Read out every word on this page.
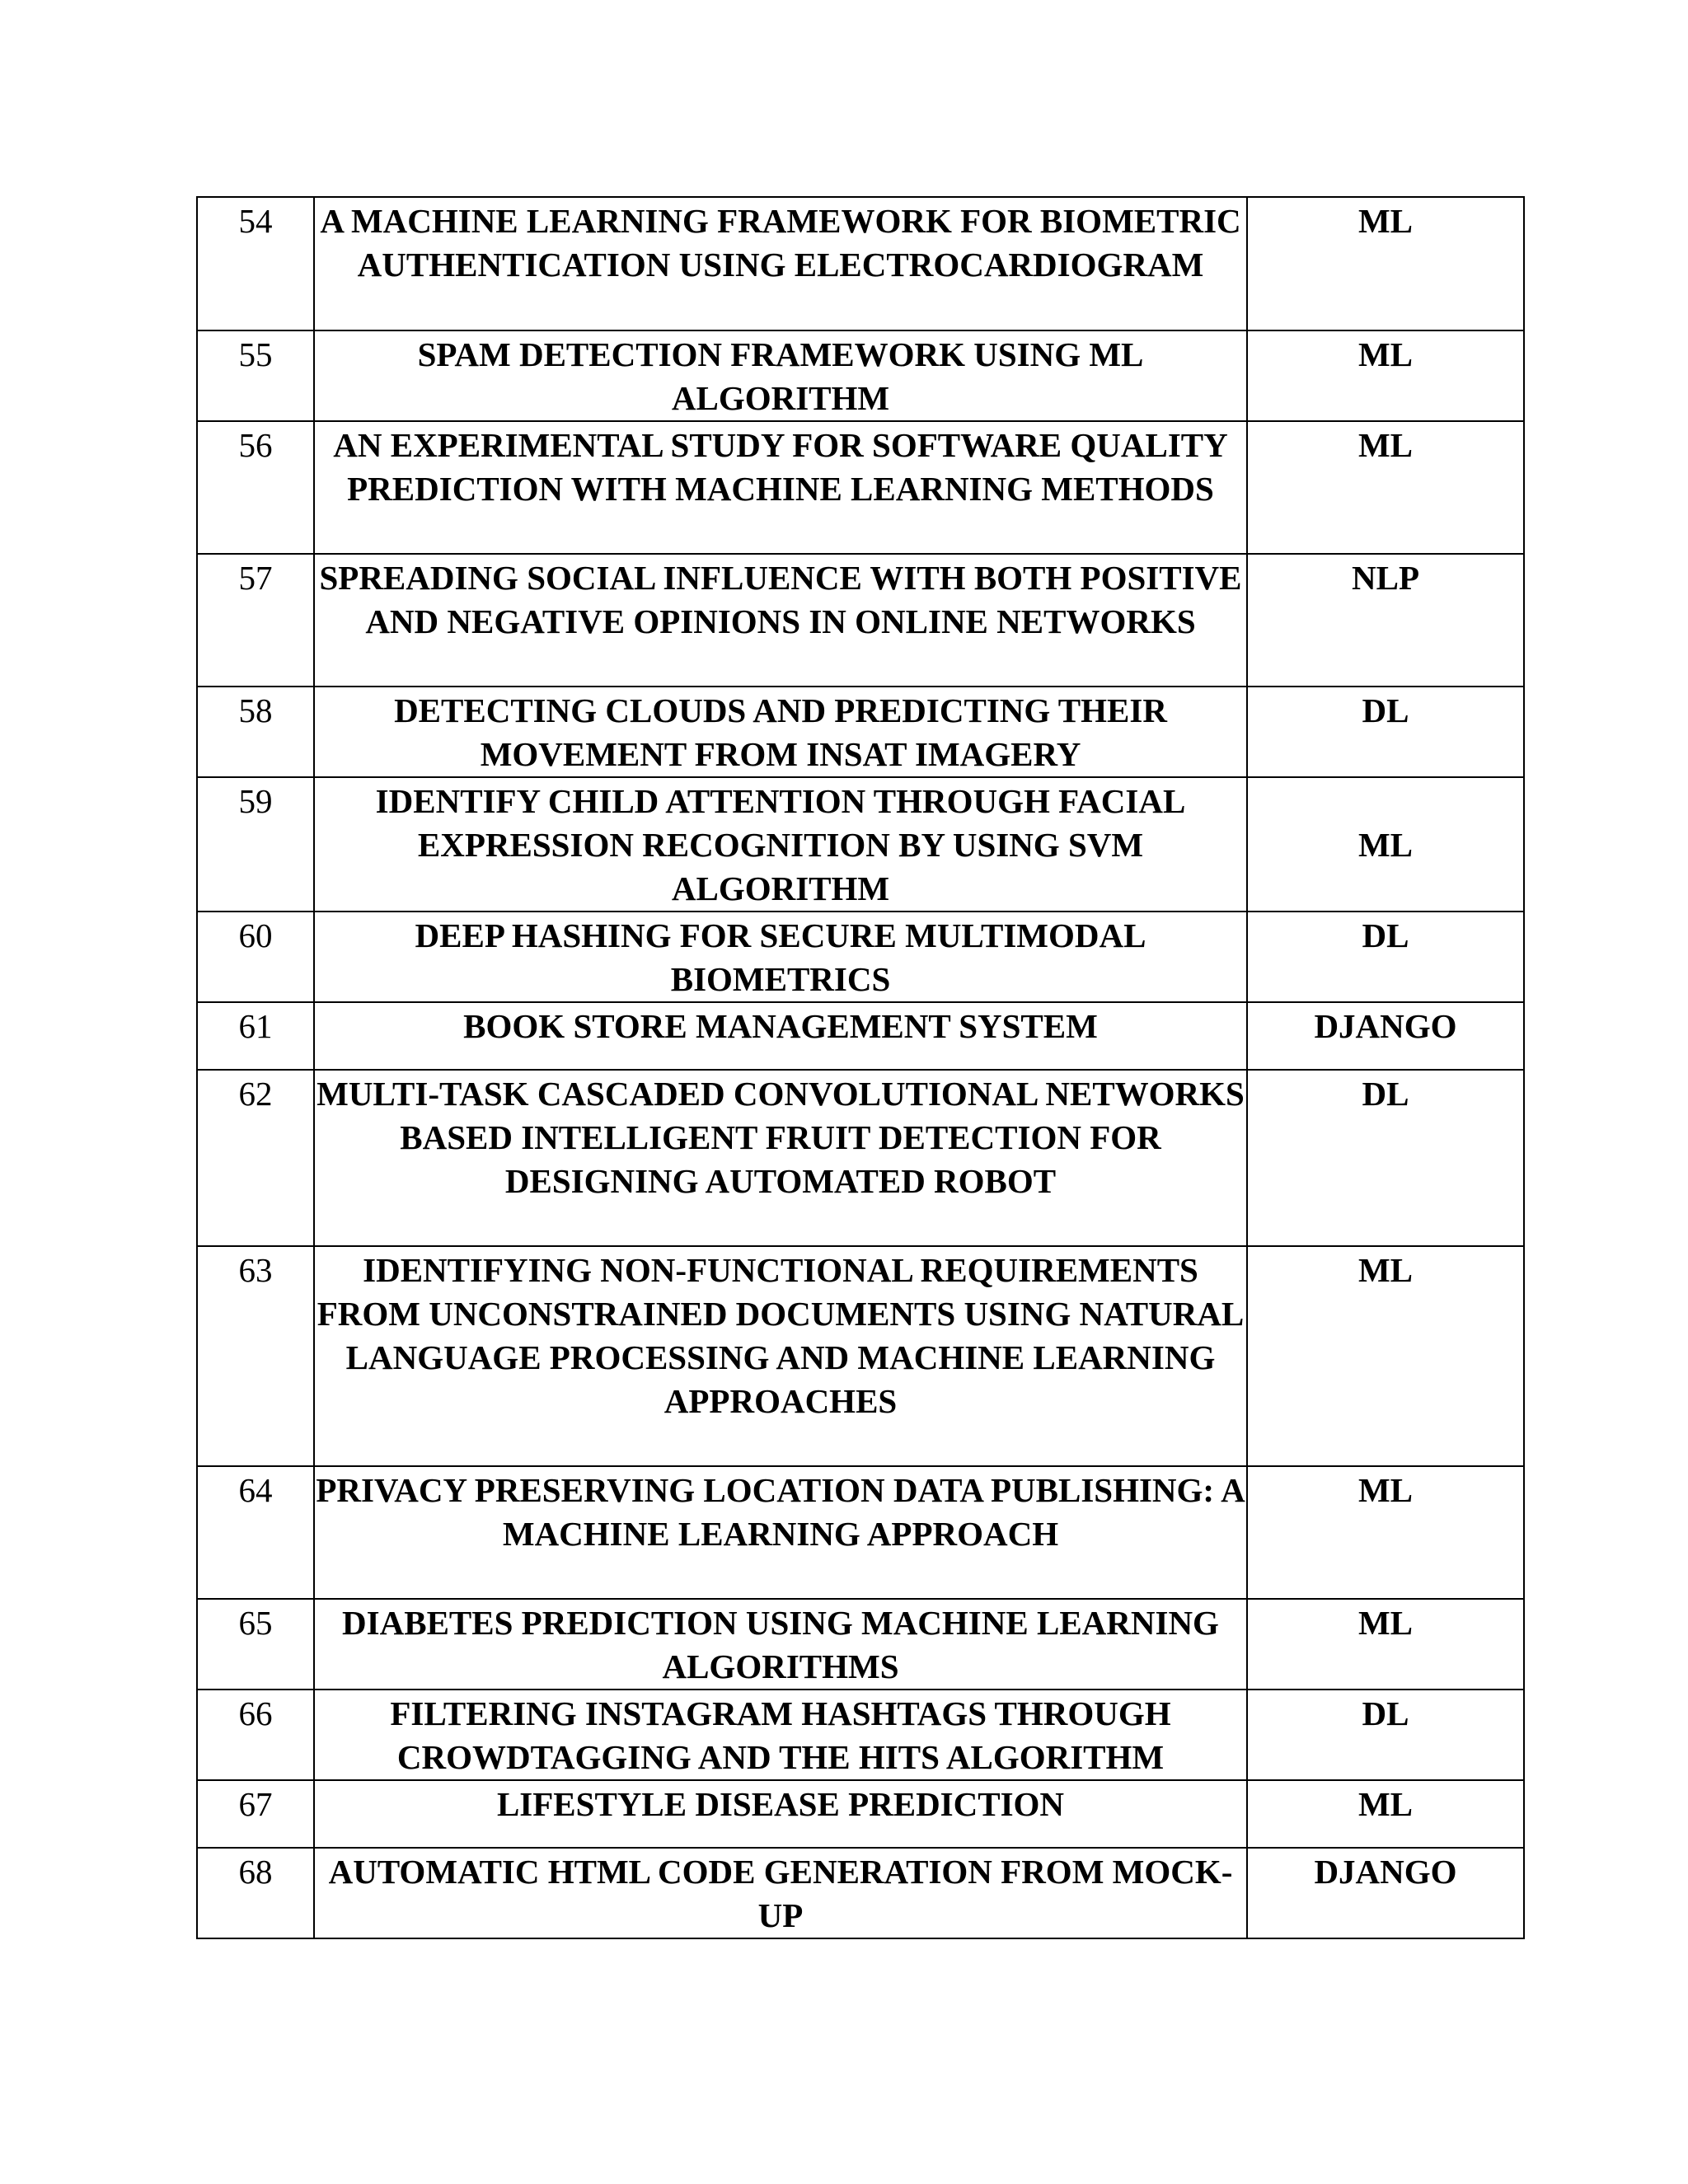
54	A MACHINE LEARNING FRAMEWORK FOR BIOMETRIC AUTHENTICATION USING ELECTROCARDIOGRAM	ML

55	SPAM DETECTION FRAMEWORK USING ML ALGORITHM	ML

56	AN EXPERIMENTAL STUDY FOR SOFTWARE QUALITY PREDICTION WITH MACHINE LEARNING METHODS	ML

57	SPREADING SOCIAL INFLUENCE WITH BOTH POSITIVE AND NEGATIVE OPINIONS IN ONLINE NETWORKS	NLP

58	DETECTING CLOUDS AND PREDICTING THEIR MOVEMENT FROM INSAT IMAGERY	DL

59	IDENTIFY CHILD ATTENTION THROUGH FACIAL EXPRESSION RECOGNITION BY USING SVM ALGORITHM	ML

60	DEEP HASHING FOR SECURE MULTIMODAL BIOMETRICS	DL

61	BOOK STORE MANAGEMENT SYSTEM	DJANGO

62	MULTI-TASK CASCADED CONVOLUTIONAL NETWORKS BASED INTELLIGENT FRUIT DETECTION FOR DESIGNING AUTOMATED ROBOT	DL

63	IDENTIFYING NON-FUNCTIONAL REQUIREMENTS FROM UNCONSTRAINED DOCUMENTS USING NATURAL LANGUAGE PROCESSING AND MACHINE LEARNING APPROACHES	ML

64	PRIVACY PRESERVING LOCATION DATA PUBLISHING: A MACHINE LEARNING APPROACH	ML

65	DIABETES PREDICTION USING MACHINE LEARNING ALGORITHMS	ML

66	FILTERING INSTAGRAM HASHTAGS THROUGH CROWDTAGGING AND THE HITS ALGORITHM	DL

67	LIFESTYLE DISEASE PREDICTION	ML

68	AUTOMATIC HTML CODE GENERATION FROM MOCK-UP	DJANGO
